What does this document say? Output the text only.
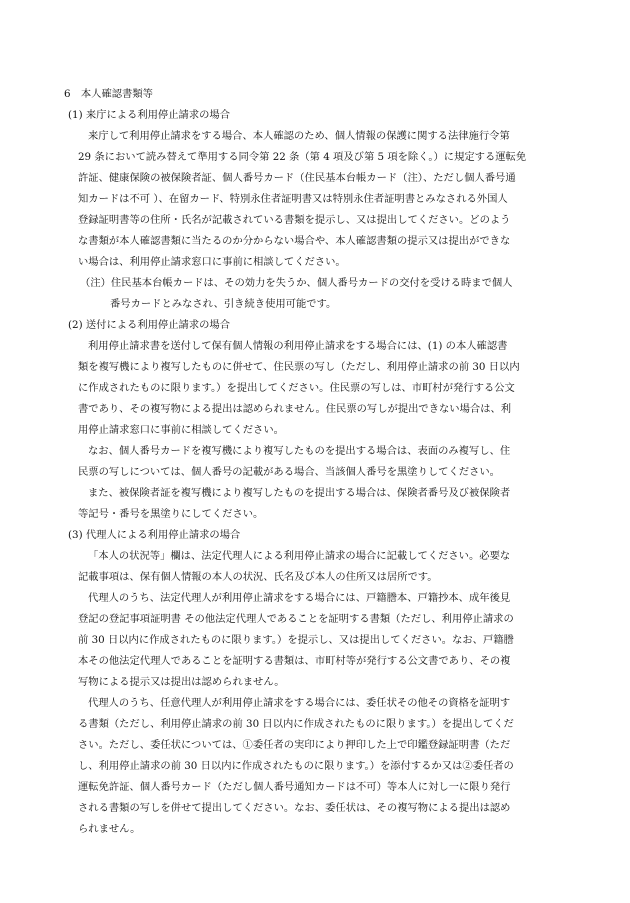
6　本人確認書類等
(1) 来庁による利用停止請求の場合
来庁して利用停止請求をする場合、本人確認のため、個人情報の保護に関する法律施行令第
29 条において読み替えて準用する同令第 22 条（第 4 項及び第 5 項を除く。）に規定する運転免
許証、健康保険の被保険者証、個人番号カード（住民基本台帳カード（注）、ただし個人番号通
知カードは不可 ）、在留カード、特別永住者証明書又は特別永住者証明書とみなされる外国人
登録証明書等の住所・氏名が記載されている書類を提示し、又は提出してください。どのよう
な書類が本人確認書類に当たるのか分からない場合や、本人確認書類の提示又は提出ができな
い場合は、利用停止請求窓口に事前に相談してください。
（注）住民基本台帳カードは、その効力を失うか、個人番号カードの交付を受ける時まで個人
番号カードとみなされ、引き続き使用可能です。
(2) 送付による利用停止請求の場合
利用停止請求書を送付して保有個人情報の利用停止請求をする場合には、(1) の本人確認書
類を複写機により複写したものに併せて、住民票の写し（ただし、利用停止請求の前 30 日以内
に作成されたものに限ります。）を提出してください。住民票の写しは、市町村が発行する公文
書であり、その複写物による提出は認められません。住民票の写しが提出できない場合は、利
用停止請求窓口に事前に相談してください。
なお、個人番号カードを複写機により複写したものを提出する場合は、表面のみ複写し、住
民票の写しについては、個人番号の記載がある場合、当該個人番号を黒塗りしてください。
また、被保険者証を複写機により複写したものを提出する場合は、保険者番号及び被保険者
等記号・番号を黒塗りにしてください。
(3) 代理人による利用停止請求の場合
「本人の状況等」欄は、法定代理人による利用停止請求の場合に記載してください。必要な
記載事項は、保有個人情報の本人の状況、氏名及び本人の住所又は居所です。
代理人のうち、法定代理人が利用停止請求をする場合には、戸籍謄本、戸籍抄本、成年後見
登記の登記事項証明書 その他法定代理人であることを証明する書類（ただし、利用停止請求の
前 30 日以内に作成されたものに限ります。）を提示し、又は提出してください。なお、戸籍謄
本その他法定代理人であることを証明する書類は、市町村等が発行する公文書であり、その複
写物による提示又は提出は認められません。
代理人のうち、任意代理人が利用停止請求をする場合には、委任状その他その資格を証明す
る書類（ただし、利用停止請求の前 30 日以内に作成されたものに限ります。）を提出してくだ
さい。ただし、委任状については、①委任者の実印により押印した上で印鑑登録証明書（ただ
し、利用停止請求の前 30 日以内に作成されたものに限ります。）を添付するか又は②委任者の
運転免許証、個人番号カード（ただし個人番号通知カードは不可）等本人に対し一に限り発行
される書類の写しを併せて提出してください。なお、委任状は、その複写物による提出は認め
られません。
